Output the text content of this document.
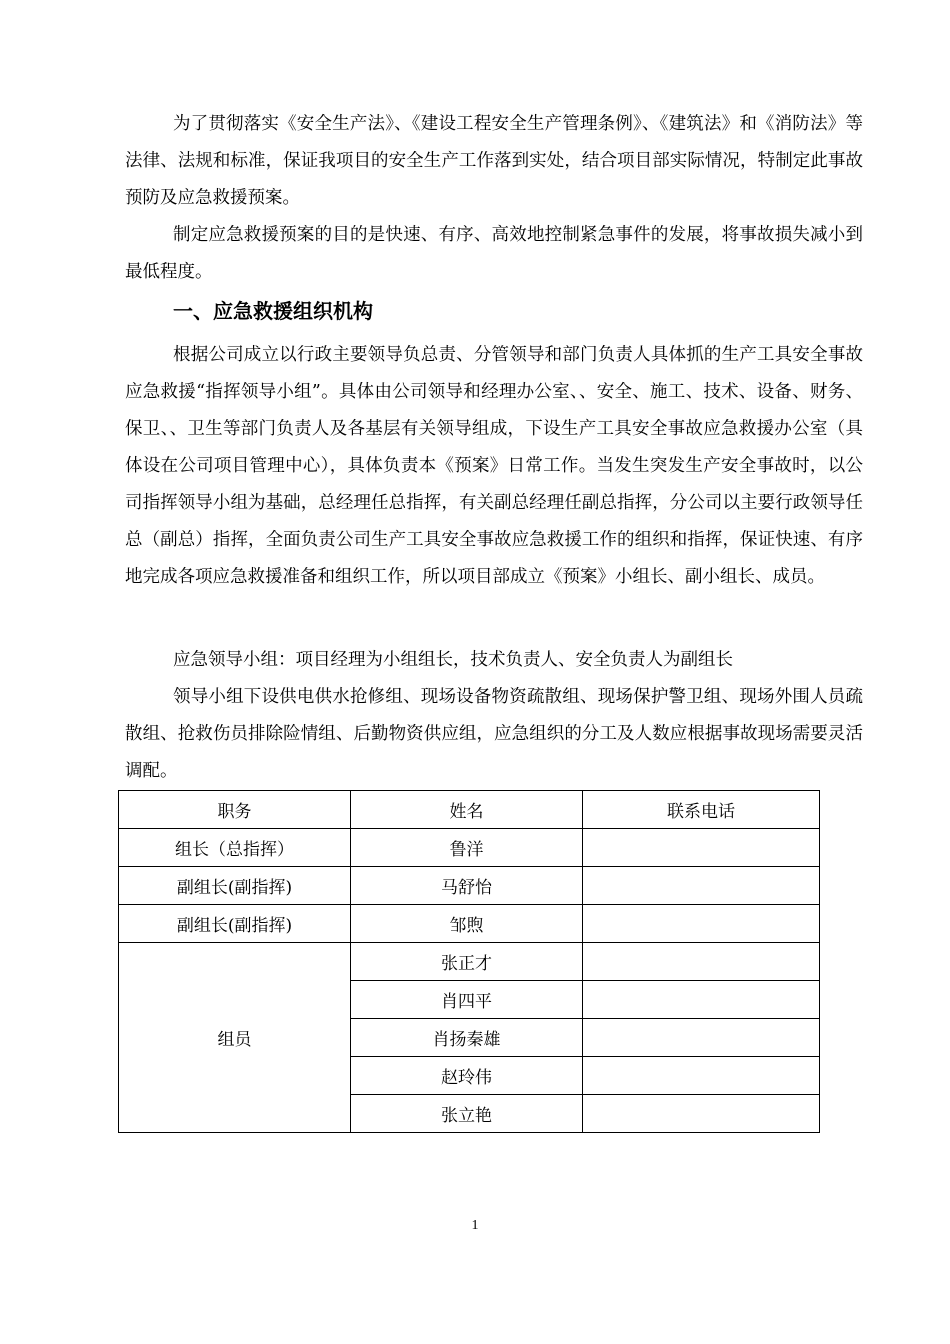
为了贯彻落实《安全生产法》、《建设工程安全生产管理条例》、《建筑法》和《消防法》等法律、法规和标准，保证我项目的安全生产工作落到实处，结合项目部实际情况，特制定此事故预防及应急救援预案。

制定应急救援预案的目的是快速、有序、高效地控制紧急事件的发展，将事故损失减小到最低程度。

一、应急救援组织机构

根据公司成立以行政主要领导负总责、分管领导和部门负责人具体抓的生产工具安全事故应急救援“指挥领导小组”。具体由公司领导和经理办公室、、安全、施工、技术、设备、财务、保卫、、卫生等部门负责人及各基层有关领导组成，下设生产工具安全事故应急救援办公室（具体设在公司项目管理中心），具体负责本《预案》日常工作。当发生突发生产安全事故时，以公司指挥领导小组为基础，总经理任总指挥，有关副总经理任副总指挥，分公司以主要行政领导任总（副总）指挥，全面负责公司生产工具安全事故应急救援工作的组织和指挥，保证快速、有序地完成各项应急救援准备和组织工作，所以项目部成立《预案》小组长、副小组长、成员。

应急领导小组：项目经理为小组组长，技术负责人、安全负责人为副组长

领导小组下设供电供水抢修组、现场设备物资疏散组、现场保护警卫组、现场外围人员疏散组、抢救伤员排除险情组、后勤物资供应组，应急组织的分工及人数应根据事故现场需要灵活调配。

职务	姓名	联系电话
组长（总指挥）	鲁洋	
副组长(副指挥)	马舒怡	
副组长(副指挥)	邹煦	
组员	张正才	
	肖四平	
	肖扬秦雄	
	赵玲伟	
	张立艳	
1
